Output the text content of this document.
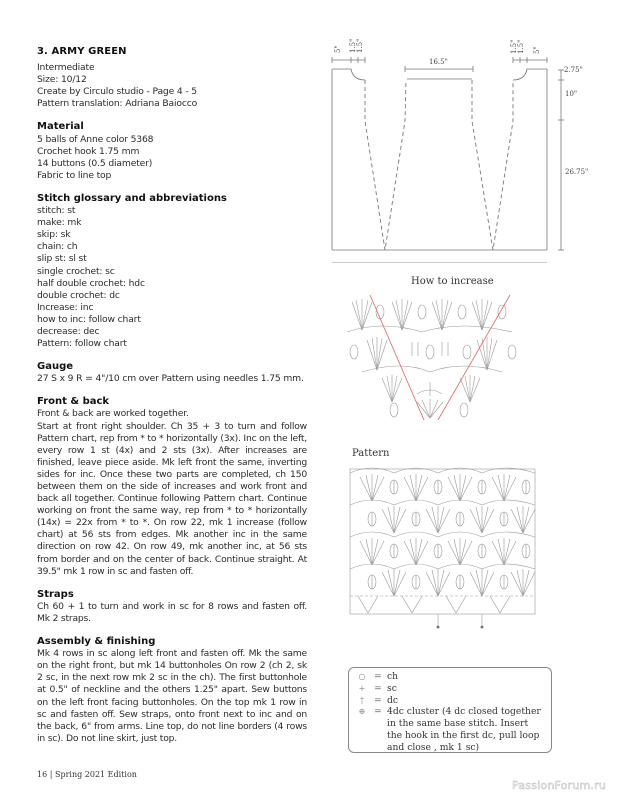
3. ARMY GREEN
Intermediate
Size: 10/12
Create by Circulo studio - Page 4 - 5
Pattern translation: Adriana Baiocco
Material
5 balls of Anne color 5368
Crochet hook 1.75 mm
14 buttons (0.5 diameter)
Fabric to line top
Stitch glossary and abbreviations
stitch: st
make: mk
skip: sk
chain: ch
slip st: sl st
single crochet: sc
half double crochet: hdc
double crochet: dc
Increase: inc
how to inc: follow chart
decrease: dec
Pattern: follow chart
Gauge
27 S x 9 R = 4"/10 cm over Pattern using needles 1.75 mm.
Front & back
Front & back are worked together.
Start at front right shoulder. Ch 35 + 3 to turn and follow Pattern chart, rep from * to * horizontally (3x). Inc on the left, every row 1 st (4x) and 2 sts (3x). After increases are finished, leave piece aside. Mk left front the same, inverting sides for inc. Once these two parts are completed, ch 150 between them on the side of increases and work front and back all together. Continue following Pattern chart. Continue working on front the same way, rep from * to * horizontally (14x) = 22x from * to *. On row 22, mk 1 increase (follow chart) at 56 sts from edges. Mk another inc in the same direction on row 42. On row 49, mk another inc, at 56 sts from border and on the center of back. Continue straight. At 39.5" mk 1 row in sc and fasten off.
Straps
Ch 60 + 1 to turn and work in sc for 8 rows and fasten off. Mk 2 straps.
Assembly & finishing
Mk 4 rows in sc along left front and fasten off. Mk the same on the right front, but mk 14 buttonholes On row 2 (ch 2, sk 2 sc, in the next row mk 2 sc in the ch). The first buttonhole at 0.5" of neckline and the others 1.25" apart. Sew buttons on the left front facing buttonholes. On the top mk 1 row in sc and fasten off. Sew straps, onto front next to inc and on the back, 6" from arms. Line top, do not line borders (4 rows in sc). Do not line skirt, just top.
5" 1.5" 1.5"
16.5"
1.5" 1.5" 5"
2.75"
10"
26.75"
How to increase
Pattern
○ = ch
+ = sc
†	= dc
⊕ = 4dc cluster (4 dc closed together in the same base stitch. Insert the hook in the first dc, pull loop and close , mk 1 sc)
16 | Spring 2021 Edition
PassionForum.ru
